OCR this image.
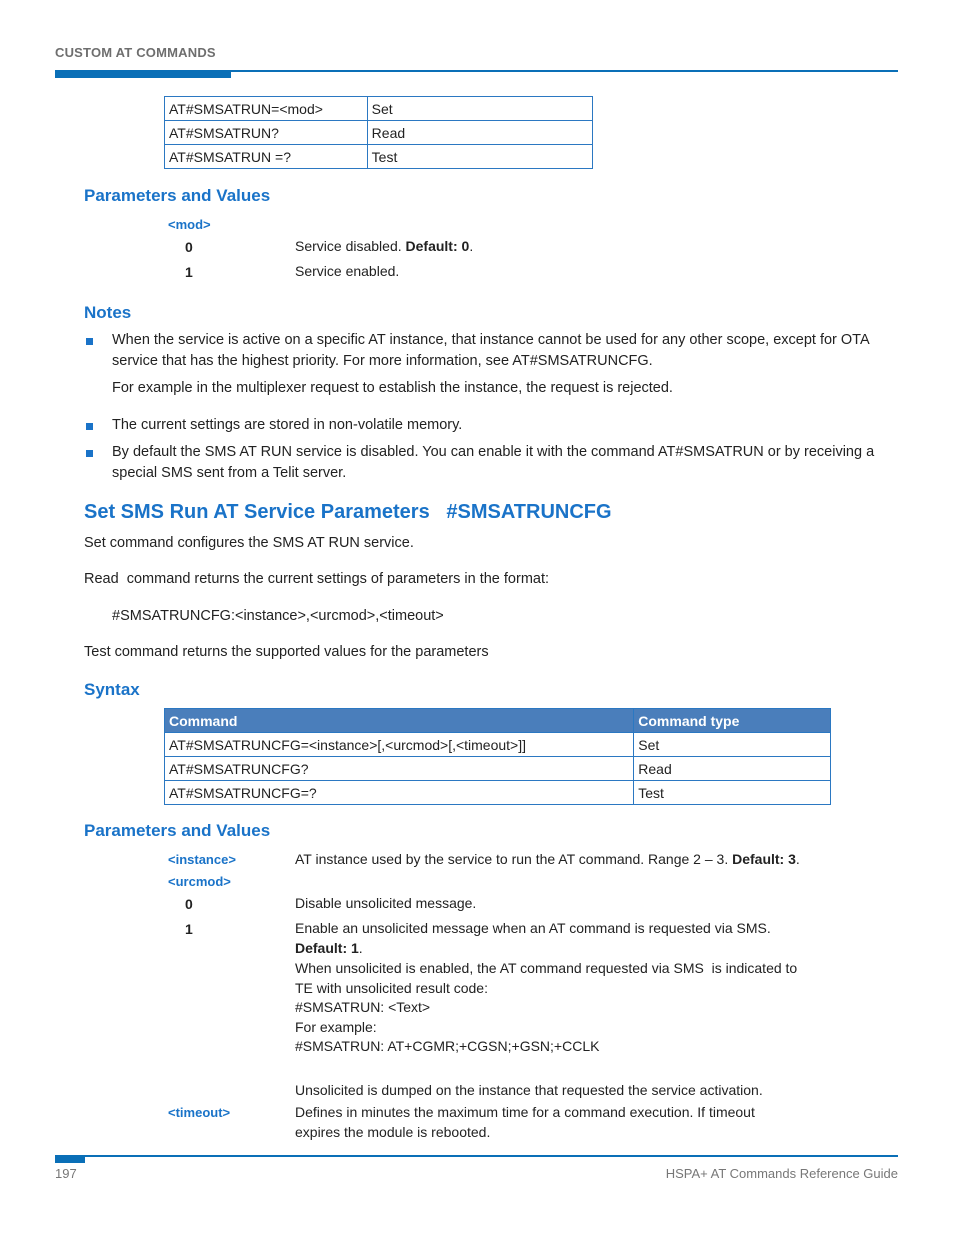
CUSTOM AT COMMANDS
AT#SMSATRUN=<mod>	Set
AT#SMSATRUN?	Read
AT#SMSATRUN =?	Test
Parameters and Values
<mod>
0	Service disabled. Default: 0.
1	Service enabled.
Notes
When the service is active on a specific AT instance, that instance cannot be used for any other scope, except for OTA service that has the highest priority. For more information, see AT#SMSATRUNCFG.
For example in the multiplexer request to establish the instance, the request is rejected.
The current settings are stored in non-volatile memory.
By default the SMS AT RUN service is disabled. You can enable it with the command AT#SMSATRUN or by receiving a special SMS sent from a Telit server.
Set SMS Run AT Service Parameters   #SMSATRUNCFG
Set command configures the SMS AT RUN service.
Read  command returns the current settings of parameters in the format:
#SMSATRUNCFG:<instance>,<urcmod>,<timeout>
Test command returns the supported values for the parameters
Syntax
Command	Command type
AT#SMSATRUNCFG=<instance>[,<urcmod>[,<timeout>]]	Set
AT#SMSATRUNCFG?	Read
AT#SMSATRUNCFG=?	Test
Parameters and Values
<instance>	AT instance used by the service to run the AT command. Range 2 – 3. Default: 3.
<urcmod>
0	Disable unsolicited message.
1	Enable an unsolicited message when an AT command is requested via SMS.
Default: 1.
When unsolicited is enabled, the AT command requested via SMS  is indicated to
TE with unsolicited result code:
#SMSATRUN: <Text>
For example:
#SMSATRUN: AT+CGMR;+CGSN;+GSN;+CCLK
Unsolicited is dumped on the instance that requested the service activation.
<timeout>	Defines in minutes the maximum time for a command execution. If timeout
expires the module is rebooted.
197	HSPA+ AT Commands Reference Guide
